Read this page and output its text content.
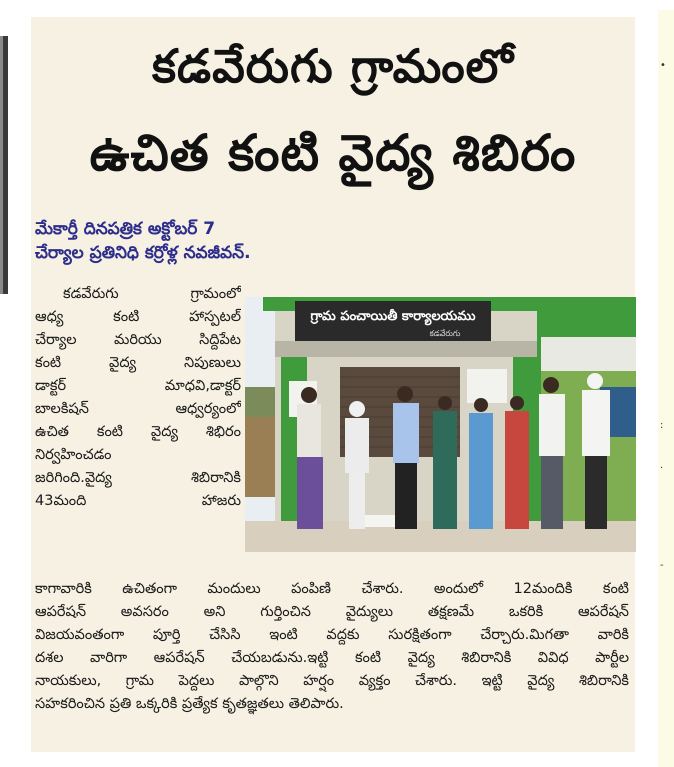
•
:
.
-
కడవేరుగు గ్రామంలో
ఉచిత కంటి వైద్య శిబిరం
మేకార్తీ దినపత్రిక అక్టోబర్ 7
చేర్యాల ప్రతినిధి కర్రోళ్ల నవజీవన్.
కడవేరుగు గ్రామంలో
ఆధ్య కంటి హాస్పటల్
చేర్యాల మరియు సిద్దిపేట
కంటి వైద్య నిపుణులు
డాక్టర్ మాధవి,డాక్టర్
బాలకిషన్ ఆధ్వర్యంలో
ఉచిత కంటి వైద్య శిభిరం
నిర్వహించడం
జరిగింది.వైద్య శిబిరానికి
43మంది హాజరు
కాగావారికి ఉచితంగా మందులు పంపిణి చేశారు. అందులో 12మందికి కంటి
ఆపరేషన్ అవసరం అని గుర్తించిన వైద్యులు తక్షణమే ఒకరికి ఆపరేషన్
విజయవంతంగా పూర్తి చేసిసి ఇంటి వద్దకు సురక్షితంగా చేర్చారు.మిగతా వారికి
దశల వారిగా ఆపరేషన్ చేయబడును.ఇట్టి కంటి వైద్య శిబిరానికి వివిధ పార్టీల
నాయకులు, గ్రామ పెద్దలు పాల్గొని హర్షం వ్యక్తం చేశారు. ఇట్టి వైద్య శిబిరానికి
సహకరించిన ప్రతి ఒక్కరికి ప్రత్యేక కృతజ్ఞతలు తెలిపారు.
గ్రామ పంచాయితీ కార్యాలయము
కడవేరుగు
